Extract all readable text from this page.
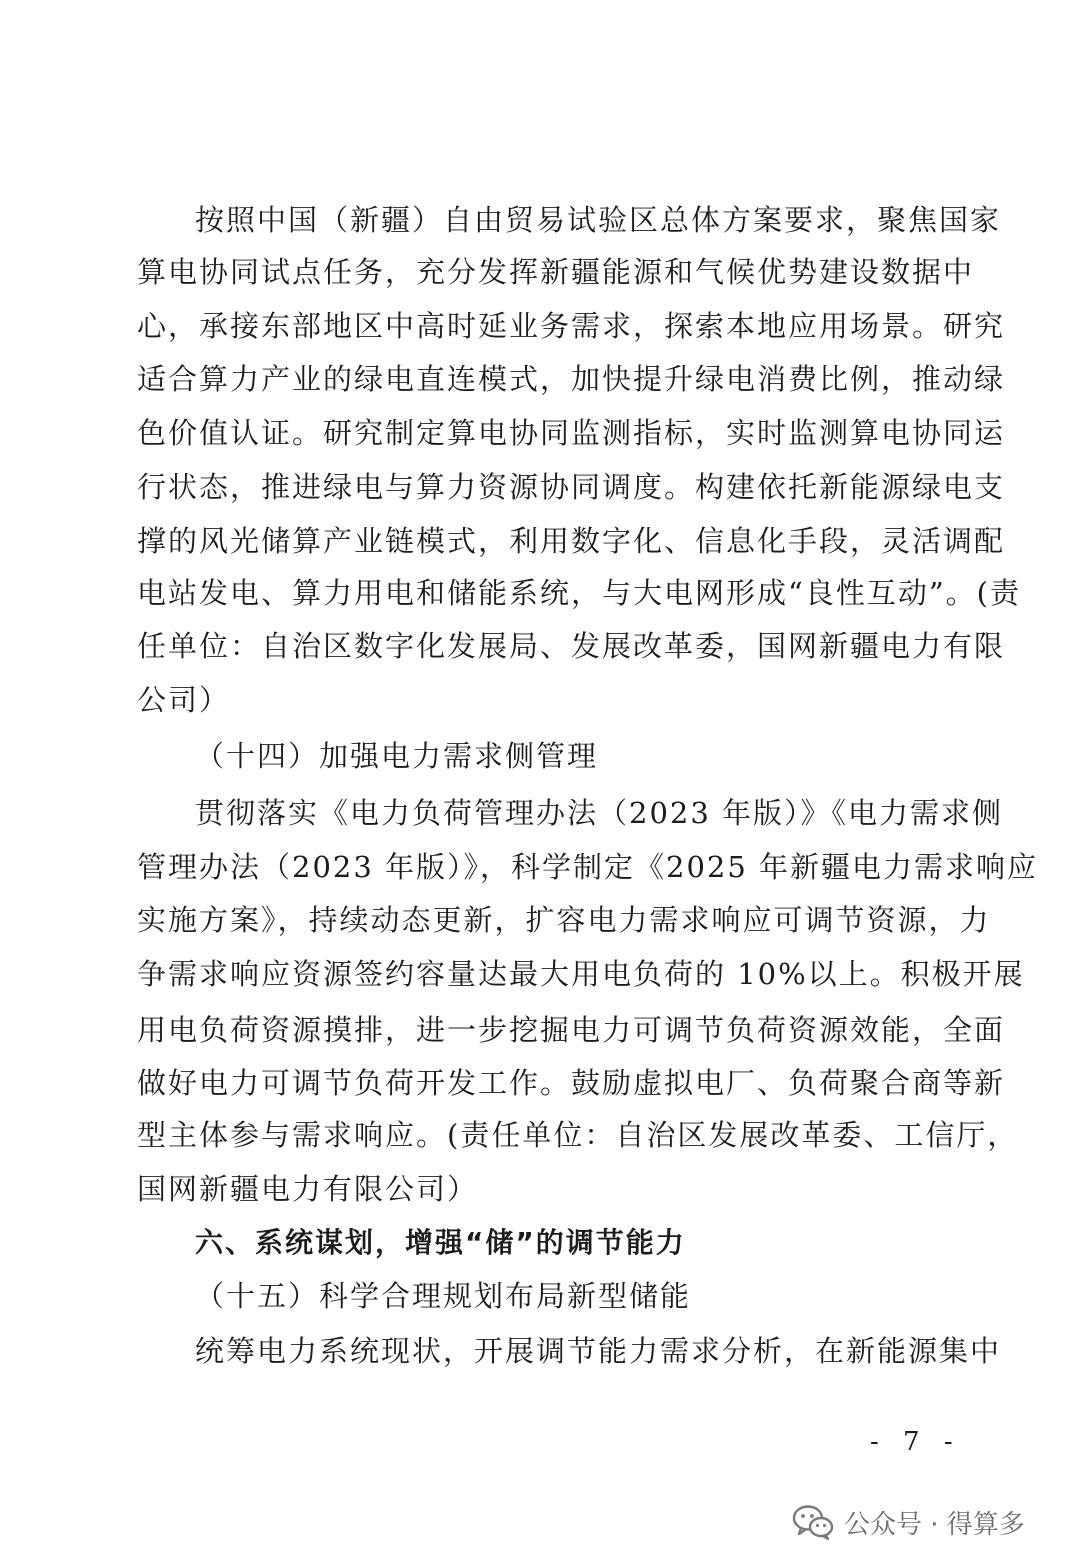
按照中国（新疆）自由贸易试验区总体方案要求，聚焦国家
算电协同试点任务，充分发挥新疆能源和气候优势建设数据中
心，承接东部地区中高时延业务需求，探索本地应用场景。研究
适合算力产业的绿电直连模式，加快提升绿电消费比例，推动绿
色价值认证。研究制定算电协同监测指标，实时监测算电协同运
行状态，推进绿电与算力资源协同调度。构建依托新能源绿电支
撑的风光储算产业链模式，利用数字化、信息化手段，灵活调配
电站发电、算力用电和储能系统，与大电网形成“良性互动”。(责
任单位：自治区数字化发展局、发展改革委，国网新疆电力有限
公司）
（十四）加强电力需求侧管理
贯彻落实《电力负荷管理办法（2023 年版）》《电力需求侧
管理办法（2023 年版）》，科学制定《2025 年新疆电力需求响应
实施方案》，持续动态更新，扩容电力需求响应可调节资源，力
争需求响应资源签约容量达最大用电负荷的 10%以上。积极开展
用电负荷资源摸排，进一步挖掘电力可调节负荷资源效能，全面
做好电力可调节负荷开发工作。鼓励虚拟电厂、负荷聚合商等新
型主体参与需求响应。(责任单位：自治区发展改革委、工信厅，
国网新疆电力有限公司）
六、系统谋划，增强“储”的调节能力
（十五）科学合理规划布局新型储能
统筹电力系统现状，开展调节能力需求分析，在新能源集中
- 7 -
公众号 · 得算多
